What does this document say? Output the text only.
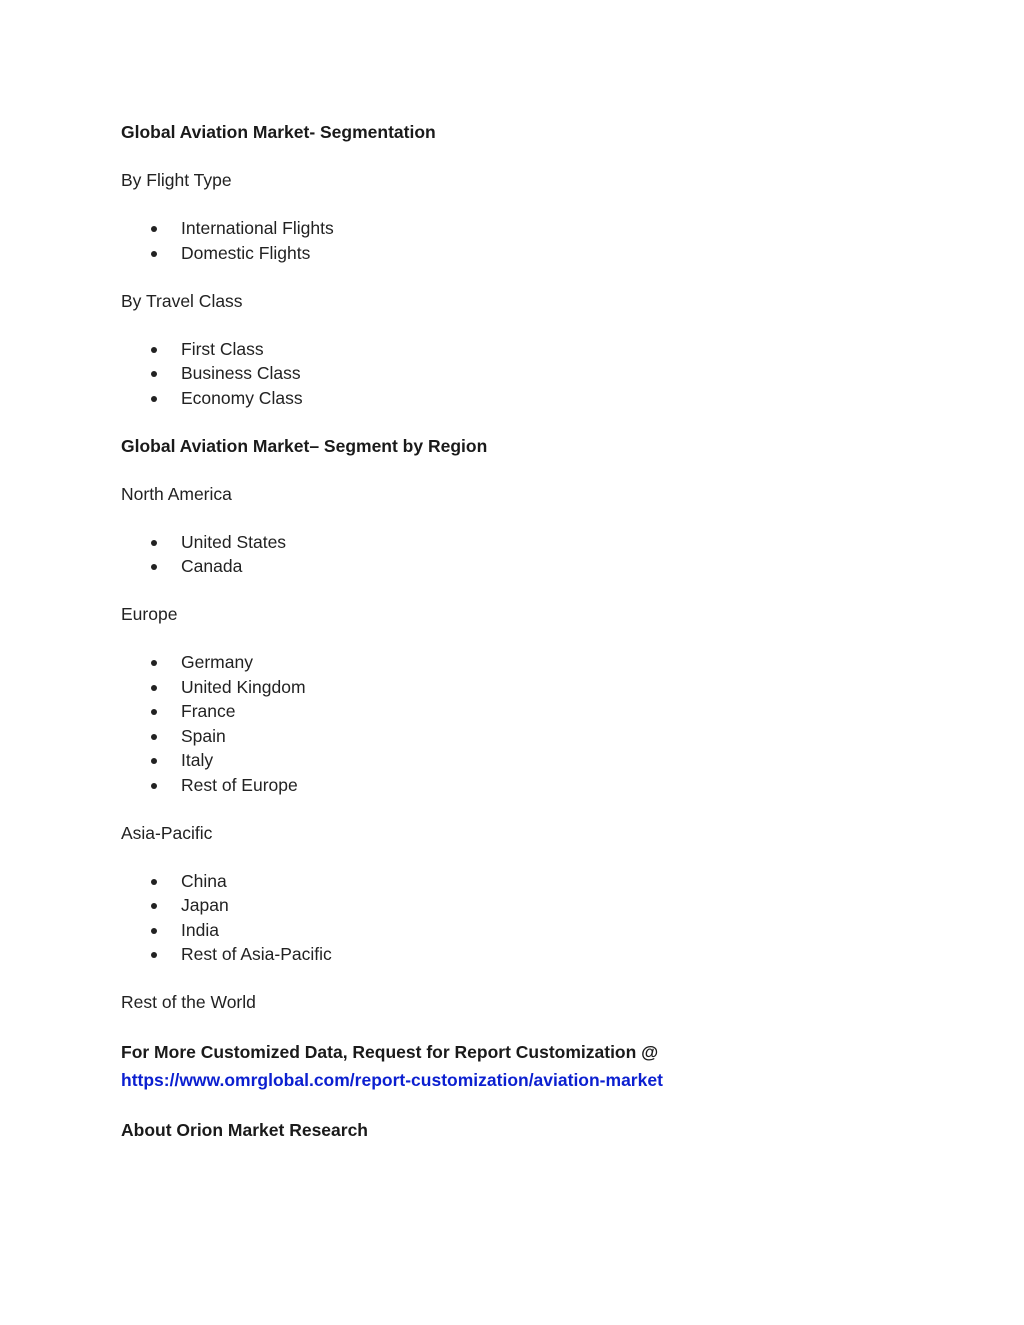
Global Aviation Market- Segmentation

By Flight Type

International Flights
Domestic Flights

By Travel Class

First Class
Business Class
Economy Class

Global Aviation Market– Segment by Region

North America

United States
Canada

Europe

Germany
United Kingdom
France
Spain
Italy
Rest of Europe

Asia-Pacific

China
Japan
India
Rest of Asia-Pacific

Rest of the World

For More Customized Data, Request for Report Customization @

https://www.omrglobal.com/report-customization/aviation-market

About Orion Market Research
